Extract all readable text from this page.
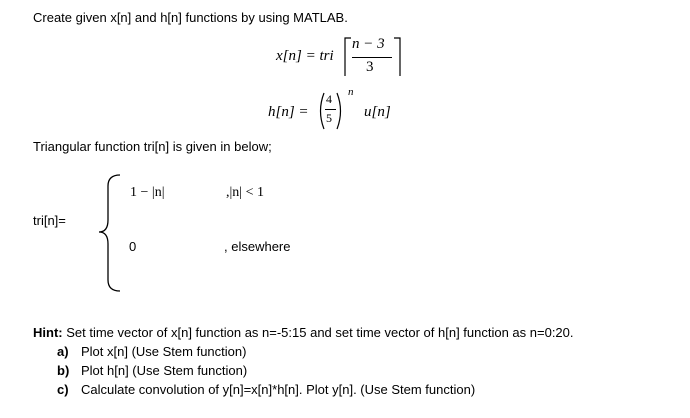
Create given x[n] and h[n] functions by using MATLAB.
x[n] = tri
n − 3
3
h[n] =
4
5
n
u[n]
Triangular function tri[n] is given in below;
tri[n]=
1 − |n|	,|n| < 1
0	, elsewhere
Hint: Set time vector of x[n] function as n=-5:15 and set time vector of h[n] function as n=0:20.
a) Plot x[n] (Use Stem function)
b) Plot h[n] (Use Stem function)
c) Calculate convolution of y[n]=x[n]*h[n]. Plot y[n]. (Use Stem function)
